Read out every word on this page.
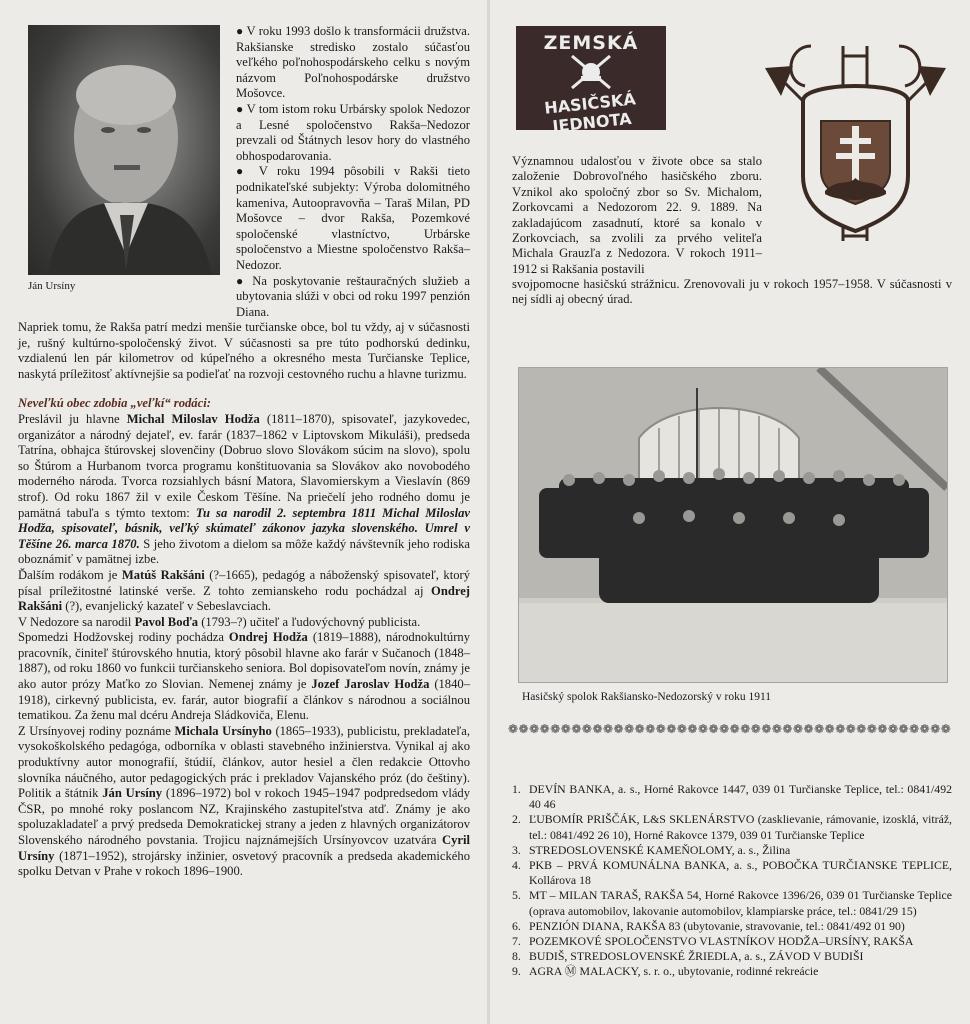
Ján Ursíny

● V roku 1993 došlo k transformácii družstva. Rakšianske stredisko zostalo súčasťou veľkého poľnohospodárskeho celku s novým názvom Poľnohospodárske družstvo Mošovce.

● V tom istom roku Urbársky spolok Nedozor a Lesné spoločenstvo Rakša–Nedozor prevzali od Štátnych lesov hory do vlastného obhospodarovania.

● V roku 1994 pôsobili v Rakši tieto podnikateľské subjekty: Výroba dolomitného kameniva, Autoopravovňa – Taraš Milan, PD Mošovce – dvor Rakša, Pozemkové spoločenské vlastníctvo, Urbárske spoločenstvo a Miestne spoločenstvo Rakša–Nedozor.

● Na poskytovanie reštauračných služieb a ubytovania slúži v obci od roku 1997 penzión Diana.

Napriek tomu, že Rakša patrí medzi menšie turčianske obce, bol tu vždy, aj v súčasnosti je, rušný kultúrno-spoločenský život. V súčasnosti sa pre túto podhorskú dedinku, vzdialenú len pár kilometrov od kúpeľného a okresného mesta Turčianske Teplice, naskytá príležitosť aktívnejšie sa podieľať na rozvoji cestovného ruchu a hlavne turizmu.

Neveľkú obec zdobia „veľkí“ rodáci:

Preslávil ju hlavne Michal Miloslav Hodža (1811–1870), spisovateľ, jazykovedec, organizátor a národný dejateľ, ev. farár (1837–1862 v Liptovskom Mikuláši), predseda Tatrína, obhajca štúrovskej slovenčiny (Dobruo slovo Slovákom súcim na slovo), spolu so Štúrom a Hurbanom tvorca programu konštituovania sa Slovákov ako novobodého moderného národa. Tvorca rozsiahlych básní Matora, Slavomierskym a Vieslavín (869 strof). Od roku 1867 žil v exile Českom Těšíne. Na priečelí jeho rodného domu je pamätná tabuľa s týmto textom: Tu sa narodil 2. septembra 1811 Michal Miloslav Hodža, spisovateľ, básnik, veľký skúmateľ zákonov jazyka slovenského. Umrel v Těšíne 26. marca 1870. S jeho životom a dielom sa môže každý návštevník jeho rodiska oboznámiť v pamätnej izbe.

Ďalším rodákom je Matúš Rakšáni (?–1665), pedagóg a náboženský spisovateľ, ktorý písal príležitostné latinské verše. Z tohto zemianskeho rodu pochádzal aj Ondrej Rakšáni (?), evanjelický kazateľ v Sebeslavciach.

V Nedozore sa narodil Pavol Boďa (1793–?) učiteľ a ľudovýchovný publicista.

Spomedzi Hodžovskej rodiny pochádza Ondrej Hodža (1819–1888), národnokultúrny pracovník, činiteľ štúrovského hnutia, ktorý pôsobil hlavne ako farár v Sučanoch (1848–1887), od roku 1860 vo funkcii turčianskeho seniora. Bol dopisovateľom novín, známy je ako autor prózy Maťko zo Slovian. Nemenej známy je Jozef Jaroslav Hodža (1840–1918), cirkevný publicista, ev. farár, autor biografií a článkov s národnou a sociálnou tematikou. Za ženu mal dcéru Andreja Sládkoviča, Elenu.

Z Ursínyovej rodiny poznáme Michala Ursínyho (1865–1933), publicistu, prekladateľa, vysokoškolského pedagóga, odborníka v oblasti stavebného inžinierstva. Vynikal aj ako produktívny autor monografií, štúdií, článkov, autor hesiel a člen redakcie Ottovho slovníka náučného, autor pedagogických prác i prekladov Vajanského próz (do češtiny). Politik a štátnik Ján Ursíny (1896–1972) bol v rokoch 1945–1947 podpredsedom vlády ČSR, po mnohé roky poslancom NZ, Krajinského zastupiteľstva atď. Známy je ako spoluzakladateľ a prvý predseda Demokratickej strany a jeden z hlavných organizátorov Slovenského národného povstania. Trojicu najznámejších Ursínyovcov uzatvára Cyril Ursíny (1871–1952), strojársky inžinier, osvetový pracovník a predseda akademického spolku Detvan v Prahe v rokoch 1896–1900.

ZEMSKÁ
HASIČSKÁ JEDNOTA
Významnou udalosťou v živote obce sa stalo založenie Dobrovoľného hasičského zboru. Vznikol ako spoločný zbor so Sv. Michalom, Zorkovcami a Nedozorom 22. 9. 1889. Na zakladajúcom zasadnutí, ktoré sa konalo v Zorkovciach, sa zvolili za prvého veliteľa Michala Grauzľa z Nedozora. V rokoch 1911–1912 si Rakšania postavili
svojpomocne hasičskú strážnicu. Zrenovovali ju v rokoch 1957–1958. V súčasnosti v nej sídli aj obecný úrad.
Hasičský spolok Rakšiansko-Nedozorský v roku 1911
❁❁❁❁❁❁❁❁❁❁❁❁❁❁❁❁❁❁❁❁❁❁❁❁❁❁❁❁❁❁❁❁❁❁❁❁❁❁❁❁❁❁
1. DEVÍN BANKA, a. s., Horné Rakovce 1447, 039 01 Turčianske Teplice, tel.: 0841/492 40 46
2. ĽUBOMÍR PRIŠČÁK, L&S SKLENÁRSTVO (zasklievanie, rámovanie, izosklá, vitráž, tel.: 0841/492 26 10), Horné Rakovce 1379, 039 01 Turčianske Teplice
3. STREDOSLOVENSKÉ KAMEŇOLOMY, a. s., Žilina
4. PKB – PRVÁ KOMUNÁLNA BANKA, a. s., POBOČKA TURČIANSKE TEPLICE, Kollárova 18
5. MT – MILAN TARAŠ, RAKŠA 54, Horné Rakovce 1396/26, 039 01 Turčianske Teplice (oprava automobilov, lakovanie automobilov, klampiarske práce, tel.: 0841/29 15)
6. PENZIÓN DIANA, RAKŠA 83 (ubytovanie, stravovanie, tel.: 0841/492 01 90)
7. POZEMKOVÉ SPOLOČENSTVO VLASTNÍKOV HODŽA–URSÍNY, RAKŠA
8. BUDIŠ, STREDOSLOVENSKÉ ŽRIEDLA, a. s., ZÁVOD V BUDIŠI
9. AGRA Ⓜ MALACKY, s. r. o., ubytovanie, rodinné rekreácie
